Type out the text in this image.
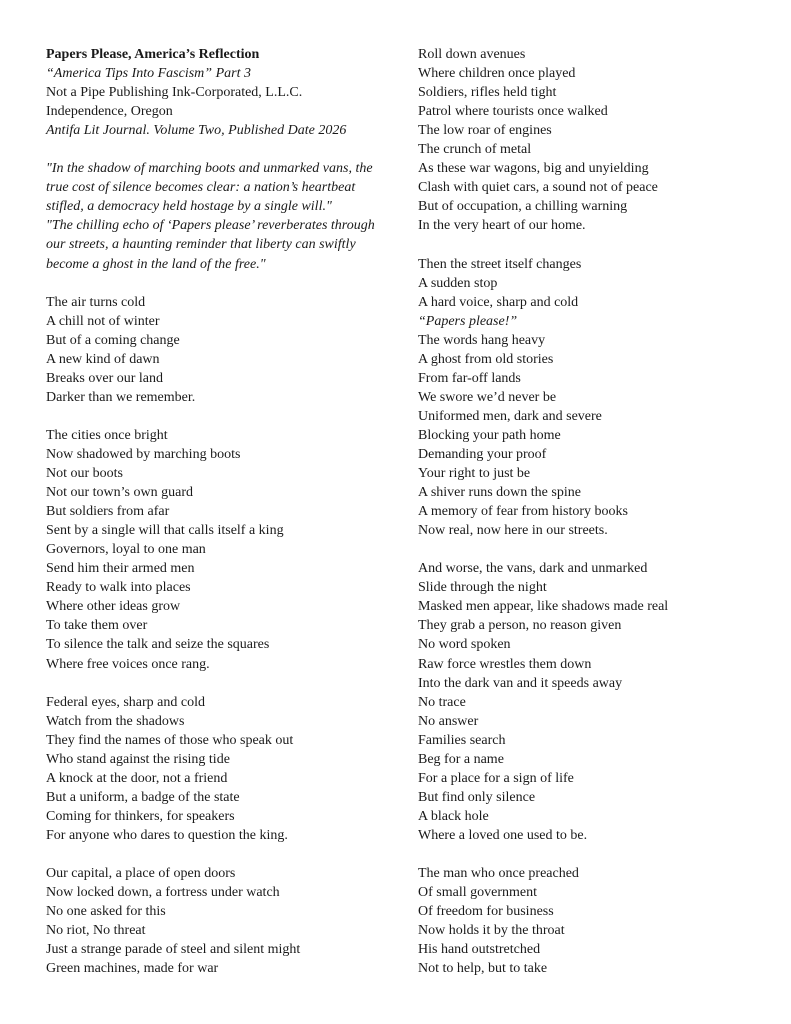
Papers Please, America’s Reflection
“America Tips Into Fascism” Part 3
Not a Pipe Publishing Ink-Corporated, L.L.C.
Independence, Oregon
Antifa Lit Journal. Volume Two, Published Date 2026
"In the shadow of marching boots and unmarked vans, the
true cost of silence becomes clear: a nation’s heartbeat
stifled, a democracy held hostage by a single will."
"The chilling echo of ‘Papers please’ reverberates through
our streets, a haunting reminder that liberty can swiftly
become a ghost in the land of the free."
The air turns cold
A chill not of winter
But of a coming change
A new kind of dawn
Breaks over our land
Darker than we remember.
The cities once bright
Now shadowed by marching boots
Not our boots
Not our town’s own guard
But soldiers from afar
Sent by a single will that calls itself a king
Governors, loyal to one man
Send him their armed men
Ready to walk into places
Where other ideas grow
To take them over
To silence the talk and seize the squares
Where free voices once rang.
Federal eyes, sharp and cold
Watch from the shadows
They find the names of those who speak out
Who stand against the rising tide
A knock at the door, not a friend
But a uniform, a badge of the state
Coming for thinkers, for speakers
For anyone who dares to question the king.
Our capital, a place of open doors
Now locked down, a fortress under watch
No one asked for this
No riot, No threat
Just a strange parade of steel and silent might
Green machines, made for war
Roll down avenues
Where children once played
Soldiers, rifles held tight
Patrol where tourists once walked
The low roar of engines
The crunch of metal
As these war wagons, big and unyielding
Clash with quiet cars, a sound not of peace
But of occupation, a chilling warning
In the very heart of our home.
Then the street itself changes
A sudden stop
A hard voice, sharp and cold
“Papers please!”
The words hang heavy
A ghost from old stories
From far-off lands
We swore we’d never be
Uniformed men, dark and severe
Blocking your path home
Demanding your proof
Your right to just be
A shiver runs down the spine
A memory of fear from history books
Now real, now here in our streets.
And worse, the vans, dark and unmarked
Slide through the night
Masked men appear, like shadows made real
They grab a person, no reason given
No word spoken
Raw force wrestles them down
Into the dark van and it speeds away
No trace
No answer
Families search
Beg for a name
For a place for a sign of life
But find only silence
A black hole
Where a loved one used to be.
The man who once preached
Of small government
Of freedom for business
Now holds it by the throat
His hand outstretched
Not to help, but to take
